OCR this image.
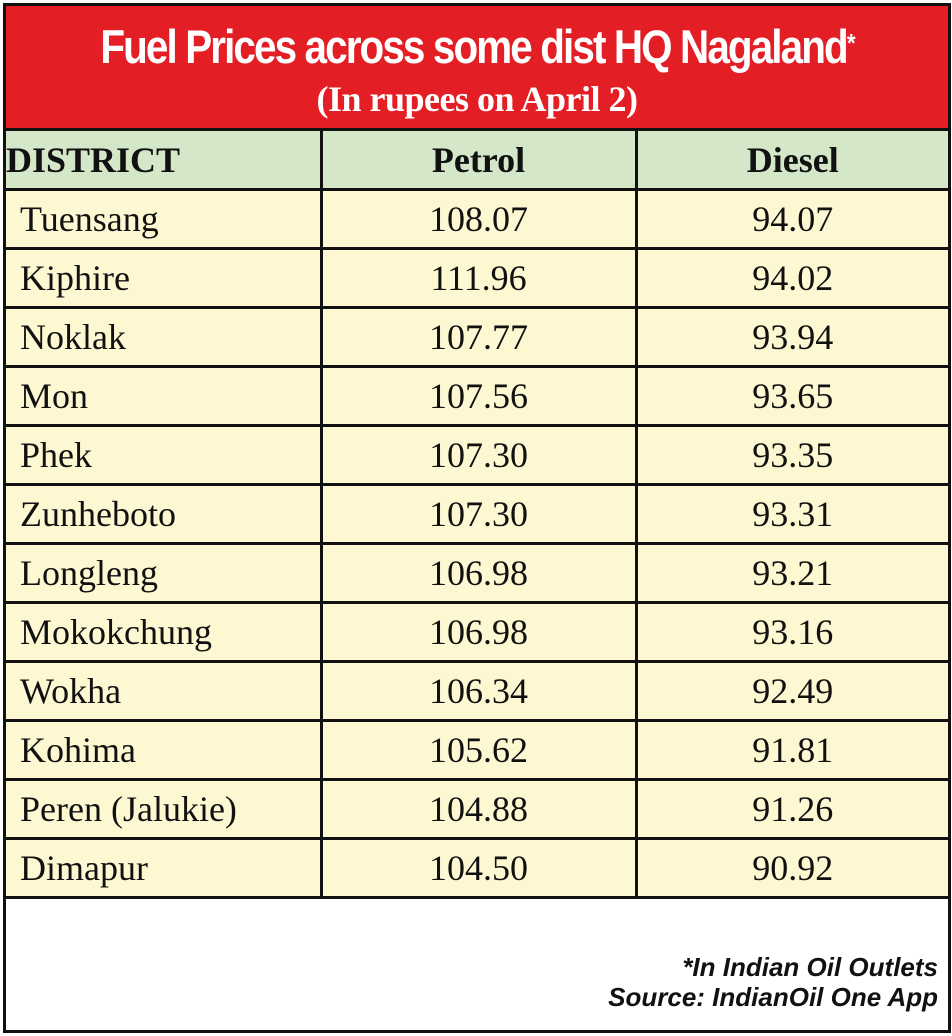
Fuel Prices across some dist HQ Nagaland*
(In rupees on April 2)
DISTRICT	Petrol	Diesel
Tuensang	108.07	94.07
Kiphire	111.96	94.02
Noklak	107.77	93.94
Mon	107.56	93.65
Phek	107.30	93.35
Zunheboto	107.30	93.31
Longleng	106.98	93.21
Mokokchung	106.98	93.16
Wokha	106.34	92.49
Kohima	105.62	91.81
Peren (Jalukie)	104.88	91.26
Dimapur	104.50	90.92
*In Indian Oil Outlets
Source: IndianOil One App
